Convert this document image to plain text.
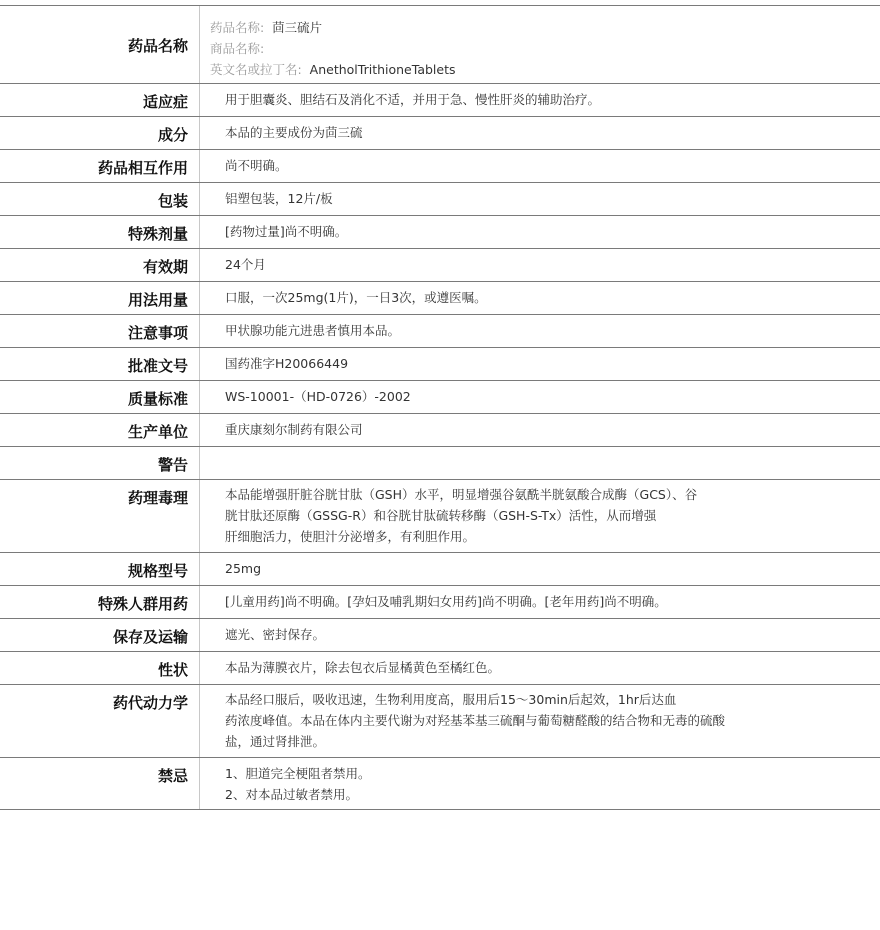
药品名称
药品名称: 茴三硫片
商品名称:
英文名或拉丁名: AnetholTrithioneTablets
适应症	用于胆囊炎、胆结石及消化不适，并用于急、慢性肝炎的辅助治疗。
成分	本品的主要成份为茴三硫
药品相互作用	尚不明确。
包装	铝塑包装，12片/板
特殊剂量	[药物过量]尚不明确。
有效期	24个月
用法用量	口服，一次25mg(1片)，一日3次，或遵医嘱。
注意事项	甲状腺功能亢进患者慎用本品。
批准文号	国药准字H20066449
质量标准	WS-10001-（HD-0726）-2002
生产单位	重庆康刻尔制药有限公司
警告
药理毒理	本品能增强肝脏谷胱甘肽（GSH）水平，明显增强谷氨酰半胱氨酸合成酶（GCS）、谷
胱甘肽还原酶（GSSG-R）和谷胱甘肽硫转移酶（GSH-S-Tx）活性，从而增强
肝细胞活力，使胆汁分泌增多，有利胆作用。
规格型号	25mg
特殊人群用药	[儿童用药]尚不明确。[孕妇及哺乳期妇女用药]尚不明确。[老年用药]尚不明确。
保存及运输	遮光、密封保存。
性状	本品为薄膜衣片，除去包衣后显橘黄色至橘红色。
药代动力学	本品经口服后，吸收迅速，生物利用度高，服用后15～30min后起效，1hr后达血
药浓度峰值。本品在体内主要代谢为对羟基苯基三硫酮与葡萄糖醛酸的结合物和无毒的硫酸
盐，通过肾排泄。
禁忌	1、胆道完全梗阻者禁用。
2、对本品过敏者禁用。
